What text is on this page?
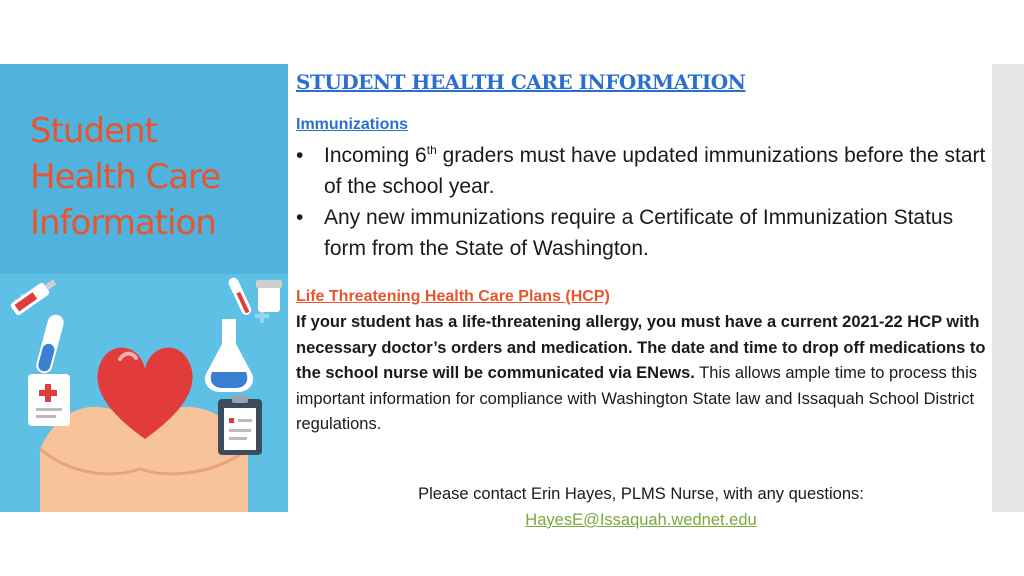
Student
Health Care
Information
STUDENT HEALTH CARE INFORMATION
Immunizations
• Incoming 6th graders must have updated immunizations before the start of the school year.
• Any new immunizations require a Certificate of Immunization Status form from the State of Washington.
Life Threatening Health Care Plans (HCP)
If your student has a life-threatening allergy, you must have a current 2021-22 HCP with necessary doctor’s orders and medication. The date and time to drop off medications to the school nurse will be communicated via ENews. This allows ample time to process this important information for compliance with Washington State law and Issaquah School District regulations.
Please contact Erin Hayes, PLMS Nurse, with any questions:
HayesE@Issaquah.wednet.edu
